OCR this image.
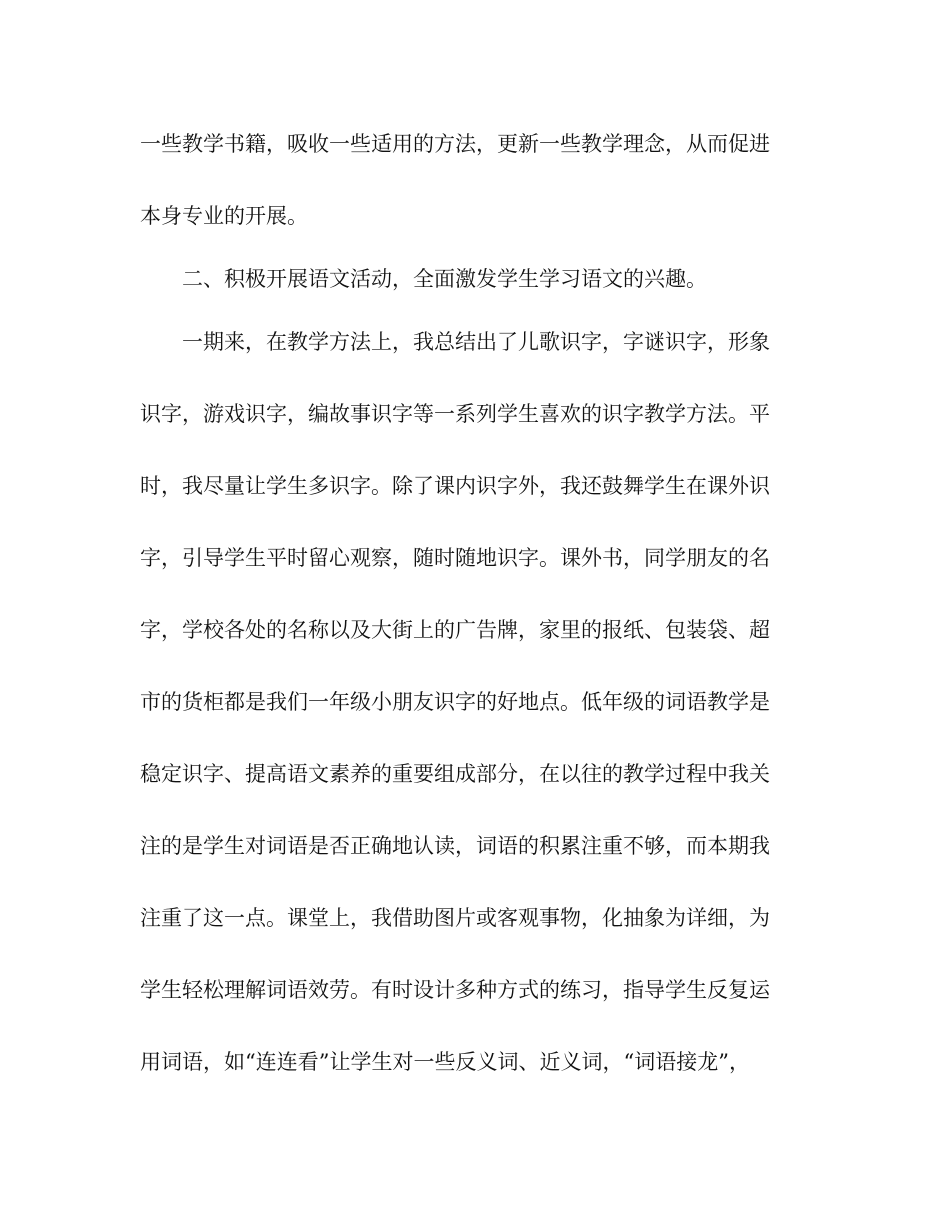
一些教学书籍，吸收一些适用的方法，更新一些教学理念，从而促进
本身专业的开展。
二、积极开展语文活动，全面激发学生学习语文的兴趣。
一期来，在教学方法上，我总结出了儿歌识字，字谜识字，形象
识字，游戏识字，编故事识字等一系列学生喜欢的识字教学方法。平
时，我尽量让学生多识字。除了课内识字外，我还鼓舞学生在课外识
字，引导学生平时留心观察，随时随地识字。课外书，同学朋友的名
字，学校各处的名称以及大街上的广告牌，家里的报纸、包装袋、超
市的货柜都是我们一年级小朋友识字的好地点。低年级的词语教学是
稳定识字、提高语文素养的重要组成部分，在以往的教学过程中我关
注的是学生对词语是否正确地认读，词语的积累注重不够，而本期我
注重了这一点。课堂上，我借助图片或客观事物，化抽象为详细，为
学生轻松理解词语效劳。有时设计多种方式的练习，指导学生反复运
用词语，如“连连看”让学生对一些反义词、近义词，“词语接龙”，
